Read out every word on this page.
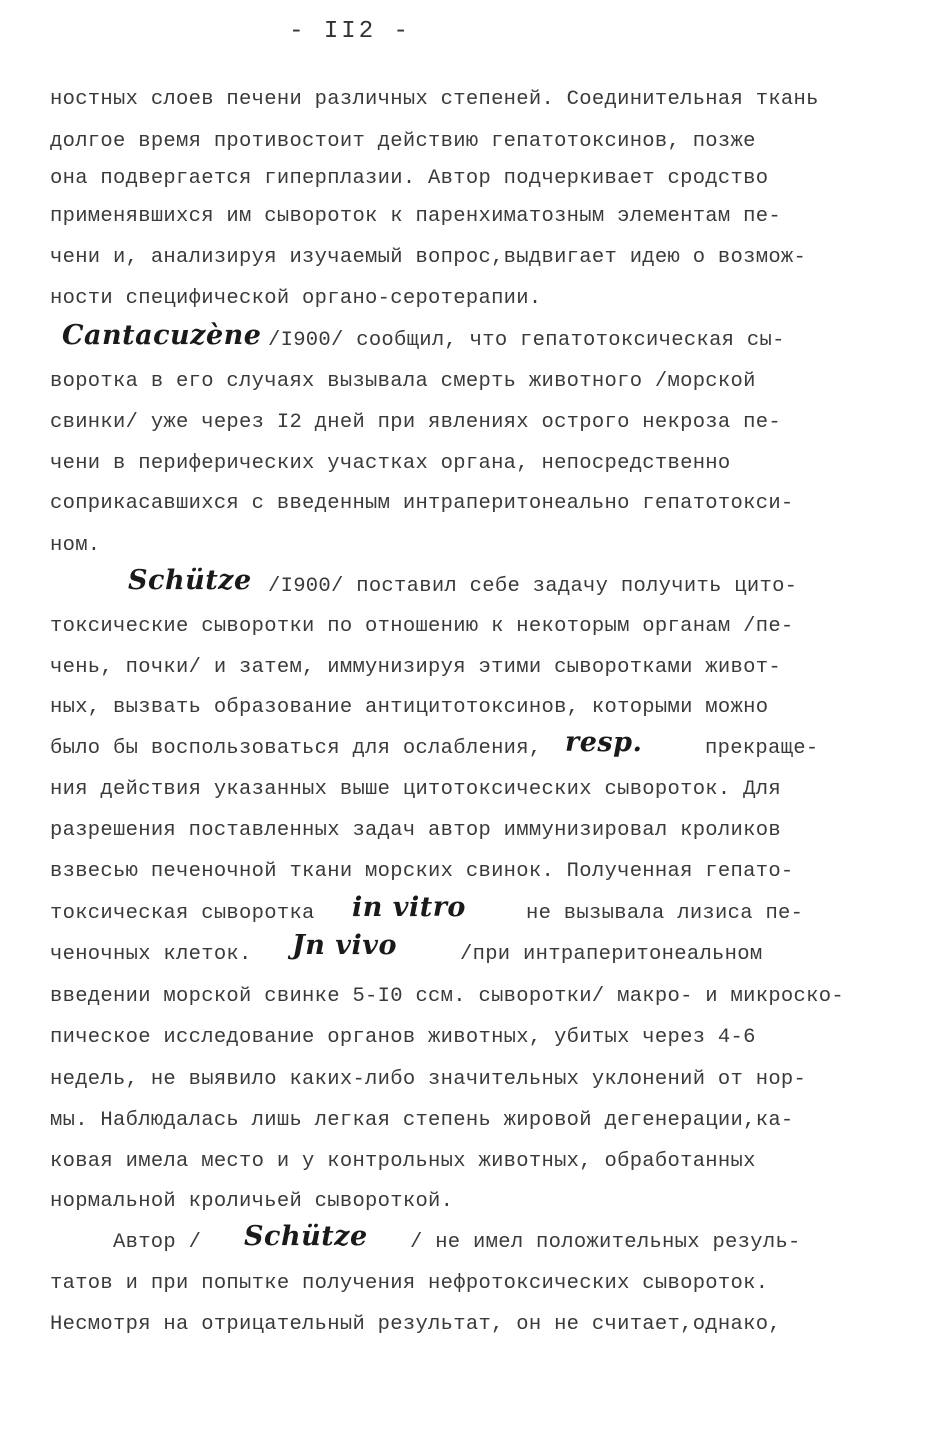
- II2 -
ностных слоев печени различных степеней. Соединительная ткань
долгое время противостоит действию гепатотоксинов, позже
она подвергается гиперплазии. Автор подчеркивает сродство
применявшихся им сывороток к паренхиматозным элементам пе-
чени и, анализируя изучаемый вопрос,выдвигает идею о возмож-
ности специфической органо-серотерапии.
Cantacuzène /I900/ сообщил, что гепатотоксическая сы-
воротка в его случаях вызывала смерть животного /морской
свинки/ уже через I2 дней при явлениях острого некроза пе-
чени в периферических участках органа, непосредственно
соприкасавшихся с введенным интраперитонеально гепатотокси-
ном.
Schütze /I900/ поставил себе задачу получить цито-
токсические сыворотки по отношению к некоторым органам /пе-
чень, почки/ и затем, иммунизируя этими сыворотками живот-
ных, вызвать образование антицитотоксинов, которыми можно
было бы воспользоваться для ослабления, resp.	прекраще-
ния действия указанных выше цитотоксических сывороток. Для
разрешения поставленных задач автор иммунизировал кроликов
взвесью печеночной ткани морских свинок. Полученная гепато-
токсическая сыворотка in vitro	не вызывала лизиса пе-
ченочных клеток. Jn vivo	/при интраперитонеальном
введении морской свинке 5-I0 ccм. сыворотки/ макро- и микроско-
пическое исследование органов животных, убитых через 4-6
недель, не выявило каких-либо значительных уклонений от нор-
мы. Наблюдалась лишь легкая степень жировой дегенерации,ка-
ковая имела место и у контрольных животных, обработанных
нормальной кроличьей сывороткой.
Автор / Schütze / не имел положительных резуль-
татов и при попытке получения нефротоксических сывороток.
Несмотря на отрицательный результат, он не считает,однако,
